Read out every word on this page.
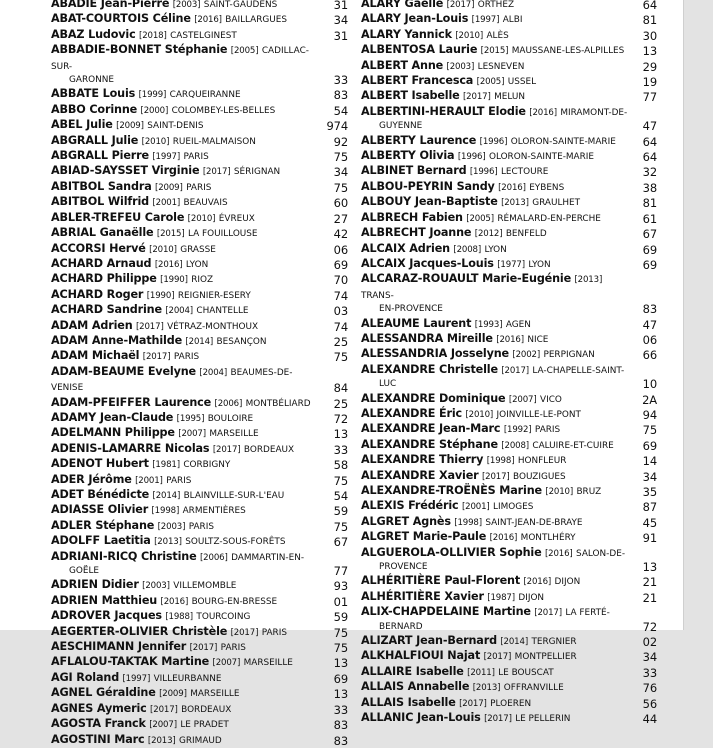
ABADIE Jean-Pierre [2003] SAINT-GAUDENS	31
ABAT-COURTOIS Céline [2016] BAILLARGUES	34
ABAZ Ludovic [2018] CASTELGINEST	31
ABBADIE-BONNET Stéphanie [2005] CADILLAC-SUR-
GARONNE	33
ABBATE Louis [1999] CARQUEIRANNE	83
ABBO Corinne [2000] COLOMBEY-LES-BELLES	54
ABEL Julie [2009] SAINT-DENIS	974
ABGRALL Julie [2010] RUEIL-MALMAISON	92
ABGRALL Pierre [1997] PARIS	75
ABIAD-SAYSSET Virginie [2017] SÉRIGNAN	34
ABITBOL Sandra [2009] PARIS	75
ABITBOL Wilfrid [2001] BEAUVAIS	60
ABLER-TREFEU Carole [2010] ÉVREUX	27
ABRIAL Ganaëlle [2015] LA FOUILLOUSE	42
ACCORSI Hervé [2010] GRASSE	06
ACHARD Arnaud [2016] LYON	69
ACHARD Philippe [1990] RIOZ	70
ACHARD Roger [1990] REIGNIER-ESERY	74
ACHARD Sandrine [2004] CHANTELLE	03
ADAM Adrien [2017] VÉTRAZ-MONTHOUX	74
ADAM Anne-Mathilde [2014] BESANÇON	25
ADAM Michaël [2017] PARIS	75
ADAM-BEAUME Evelyne [2004] BEAUMES-DE-VENISE	84
ADAM-PFEIFFER Laurence [2006] MONTBÉLIARD	25
ADAMY Jean-Claude [1995] BOULOIRE	72
ADELMANN Philippe [2007] MARSEILLE	13
ADENIS-LAMARRE Nicolas [2017] BORDEAUX	33
ADENOT Hubert [1981] CORBIGNY	58
ADER Jérôme [2001] PARIS	75
ADET Bénédicte [2014] BLAINVILLE-SUR-L'EAU	54
ADIASSE Olivier [1998] ARMENTIÈRES	59
ADLER Stéphane [2003] PARIS	75
ADOLFF Laetitia [2013] SOULTZ-SOUS-FORÊTS	67
ADRIANI-RICQ Christine [2006] DAMMARTIN-EN-
GOËLE	77
ADRIEN Didier [2003] VILLEMOMBLE	93
ADRIEN Matthieu [2016] BOURG-EN-BRESSE	01
ADROVER Jacques [1988] TOURCOING	59
AEGERTER-OLIVIER Christèle [2017] PARIS	75
AESCHIMANN Jennifer [2017] PARIS	75
AFLALOU-TAKTAK Martine [2007] MARSEILLE	13
AGI Roland [1997] VILLEURBANNE	69
AGNEL Géraldine [2009] MARSEILLE	13
AGNES Aymeric [2017] BORDEAUX	33
AGOSTA Franck [2007] LE PRADET	83
AGOSTINI Marc [2013] GRIMAUD	83
ALARY Gaëlle [2017] ORTHEZ	64
ALARY Jean-Louis [1997] ALBI	81
ALARY Yannick [2010] ALÈS	30
ALBENTOSA Laurie [2015] MAUSSANE-LES-ALPILLES	13
ALBERT Anne [2003] LESNEVEN	29
ALBERT Francesca [2005] USSEL	19
ALBERT Isabelle [2017] MELUN	77
ALBERTINI-HERAULT Elodie [2016] MIRAMONT-DE-
GUYENNE	47
ALBERTY Laurence [1996] OLORON-SAINTE-MARIE	64
ALBERTY Olivia [1996] OLORON-SAINTE-MARIE	64
ALBINET Bernard [1996] LECTOURE	32
ALBOU-PEYRIN Sandy [2016] EYBENS	38
ALBOUY Jean-Baptiste [2013] GRAULHET	81
ALBRECH Fabien [2005] RÉMALARD-EN-PERCHE	61
ALBRECHT Joanne [2012] BENFELD	67
ALCAIX Adrien [2008] LYON	69
ALCAIX Jacques-Louis [1977] LYON	69
ALCARAZ-ROUAULT Marie-Eugénie [2013] TRANS-
EN-PROVENCE	83
ALEAUME Laurent [1993] AGEN	47
ALESSANDRA Mireille [2016] NICE	06
ALESSANDRIA Josselyne [2002] PERPIGNAN	66
ALEXANDRE Christelle [2017] LA-CHAPELLE-SAINT-
LUC	10
ALEXANDRE Dominique [2007] VICO	2A
ALEXANDRE Éric [2010] JOINVILLE-LE-PONT	94
ALEXANDRE Jean-Marc [1992] PARIS	75
ALEXANDRE Stéphane [2008] CALUIRE-ET-CUIRE	69
ALEXANDRE Thierry [1998] HONFLEUR	14
ALEXANDRE Xavier [2017] BOUZIGUES	34
ALEXANDRE-TROËNÈS Marine [2010] BRUZ	35
ALEXIS Frédéric [2001] LIMOGES	87
ALGRET Agnès [1998] SAINT-JEAN-DE-BRAYE	45
ALGRET Marie-Paule [2016] MONTLHÉRY	91
ALGUEROLA-OLLIVIER Sophie [2016] SALON-DE-
PROVENCE	13
ALHÉRITIÈRE Paul-Florent [2016] DIJON	21
ALHÉRITIÈRE Xavier [1987] DIJON	21
ALIX-CHAPDELAINE Martine [2017] LA FERTÉ-
BERNARD	72
ALIZART Jean-Bernard [2014] TERGNIER	02
ALKHALFIOUI Najat [2017] MONTPELLIER	34
ALLAIRE Isabelle [2011] LE BOUSCAT	33
ALLAIS Annabelle [2013] OFFRANVILLE	76
ALLAIS Isabelle [2017] PLOEREN	56
ALLANIC Jean-Louis [2017] LE PELLERIN	44
